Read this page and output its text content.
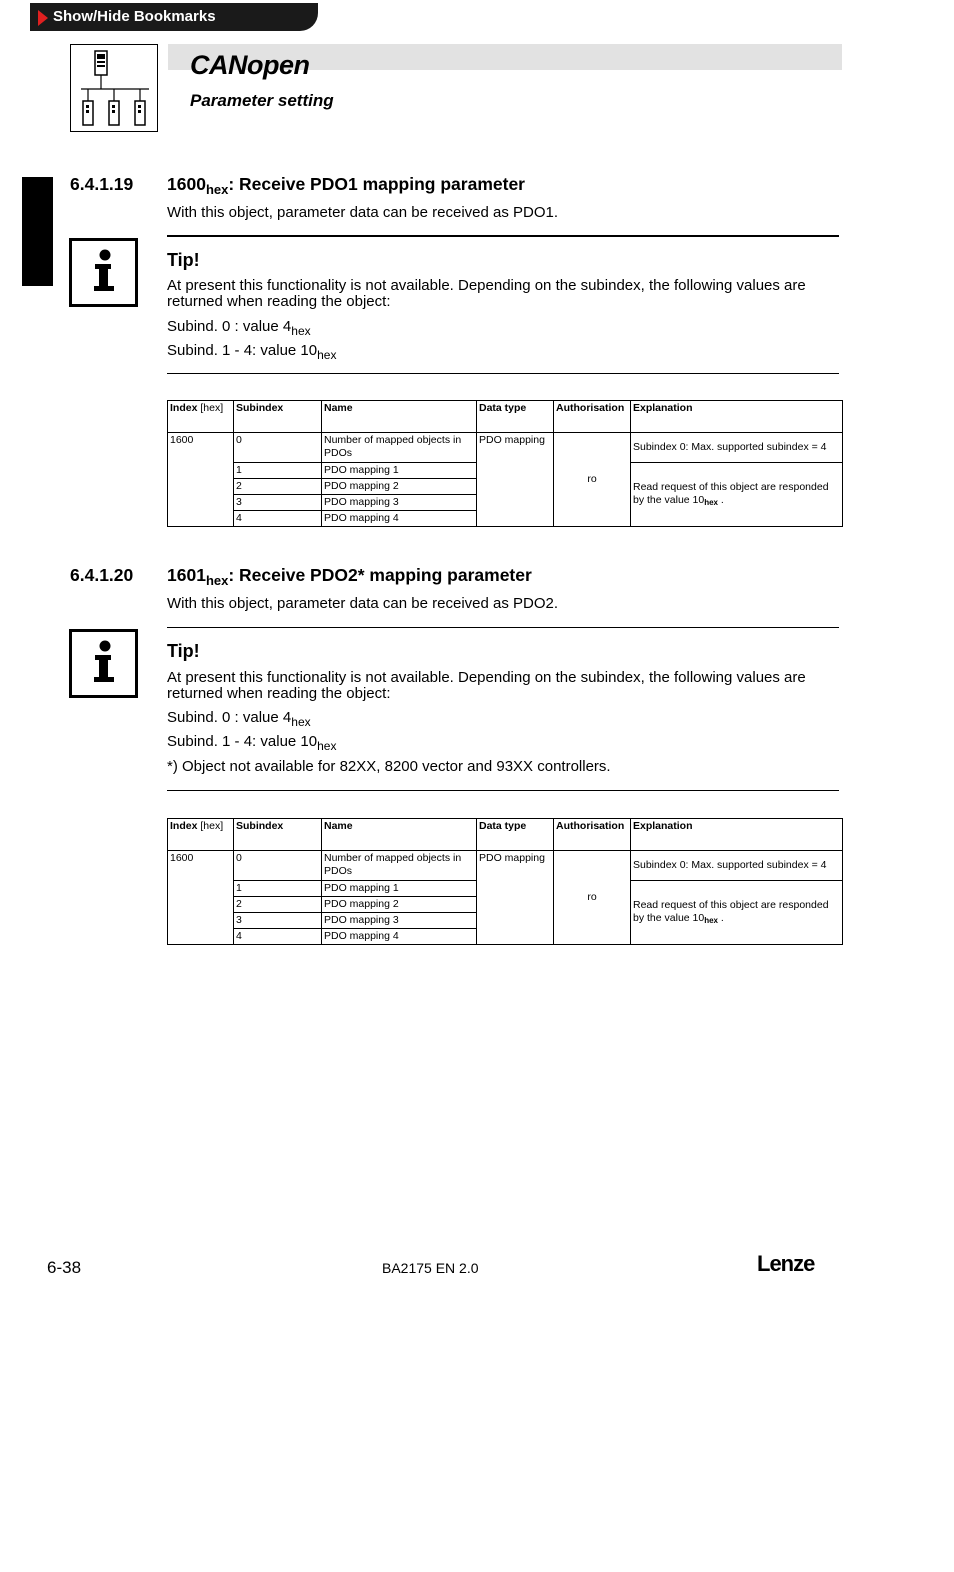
Show/Hide Bookmarks
CANopen
Parameter setting
6.4.1.19 $1600_{hex}$: Receive PDO1 mapping parameter
With this object, parameter data can be received as PDO1.
Tip!
At present this functionality is not available. Depending on the subindex, the following values are returned when reading the object:
Subind. 0 : value $4_{hex}$
Subind. 1 - 4: value $10_{hex}$
Index [hex]	Subindex	Name	Data type	Authorisation	Explanation
1600	0	Number of mapped objects in PDOs	PDO mapping	ro	Subindex 0: Max. supported subindex = 4
	1	PDO mapping 1			Read request of this object are responded by the value $10_{hex}$ .
	2	PDO mapping 2			
	3	PDO mapping 3			
	4	PDO mapping 4			
6.4.1.20 $1601_{hex}$: Receive PDO2* mapping parameter
With this object, parameter data can be received as PDO2.
Tip!
At present this functionality is not available. Depending on the subindex, the following values are returned when reading the object:
Subind. 0 : value $4_{hex}$
Subind. 1 - 4: value $10_{hex}$
*) Object not available for 82XX, 8200 vector and 93XX controllers.
Index [hex]	Subindex	Name	Data type	Authorisation	Explanation
1600	0	Number of mapped objects in PDOs	PDO mapping	ro	Subindex 0: Max. supported subindex = 4
	1	PDO mapping 1			Read request of this object are responded by the value $10_{hex}$ .
	2	PDO mapping 2			
	3	PDO mapping 3			
	4	PDO mapping 4			
6-38	BA2175 EN 2.0	Lenze
